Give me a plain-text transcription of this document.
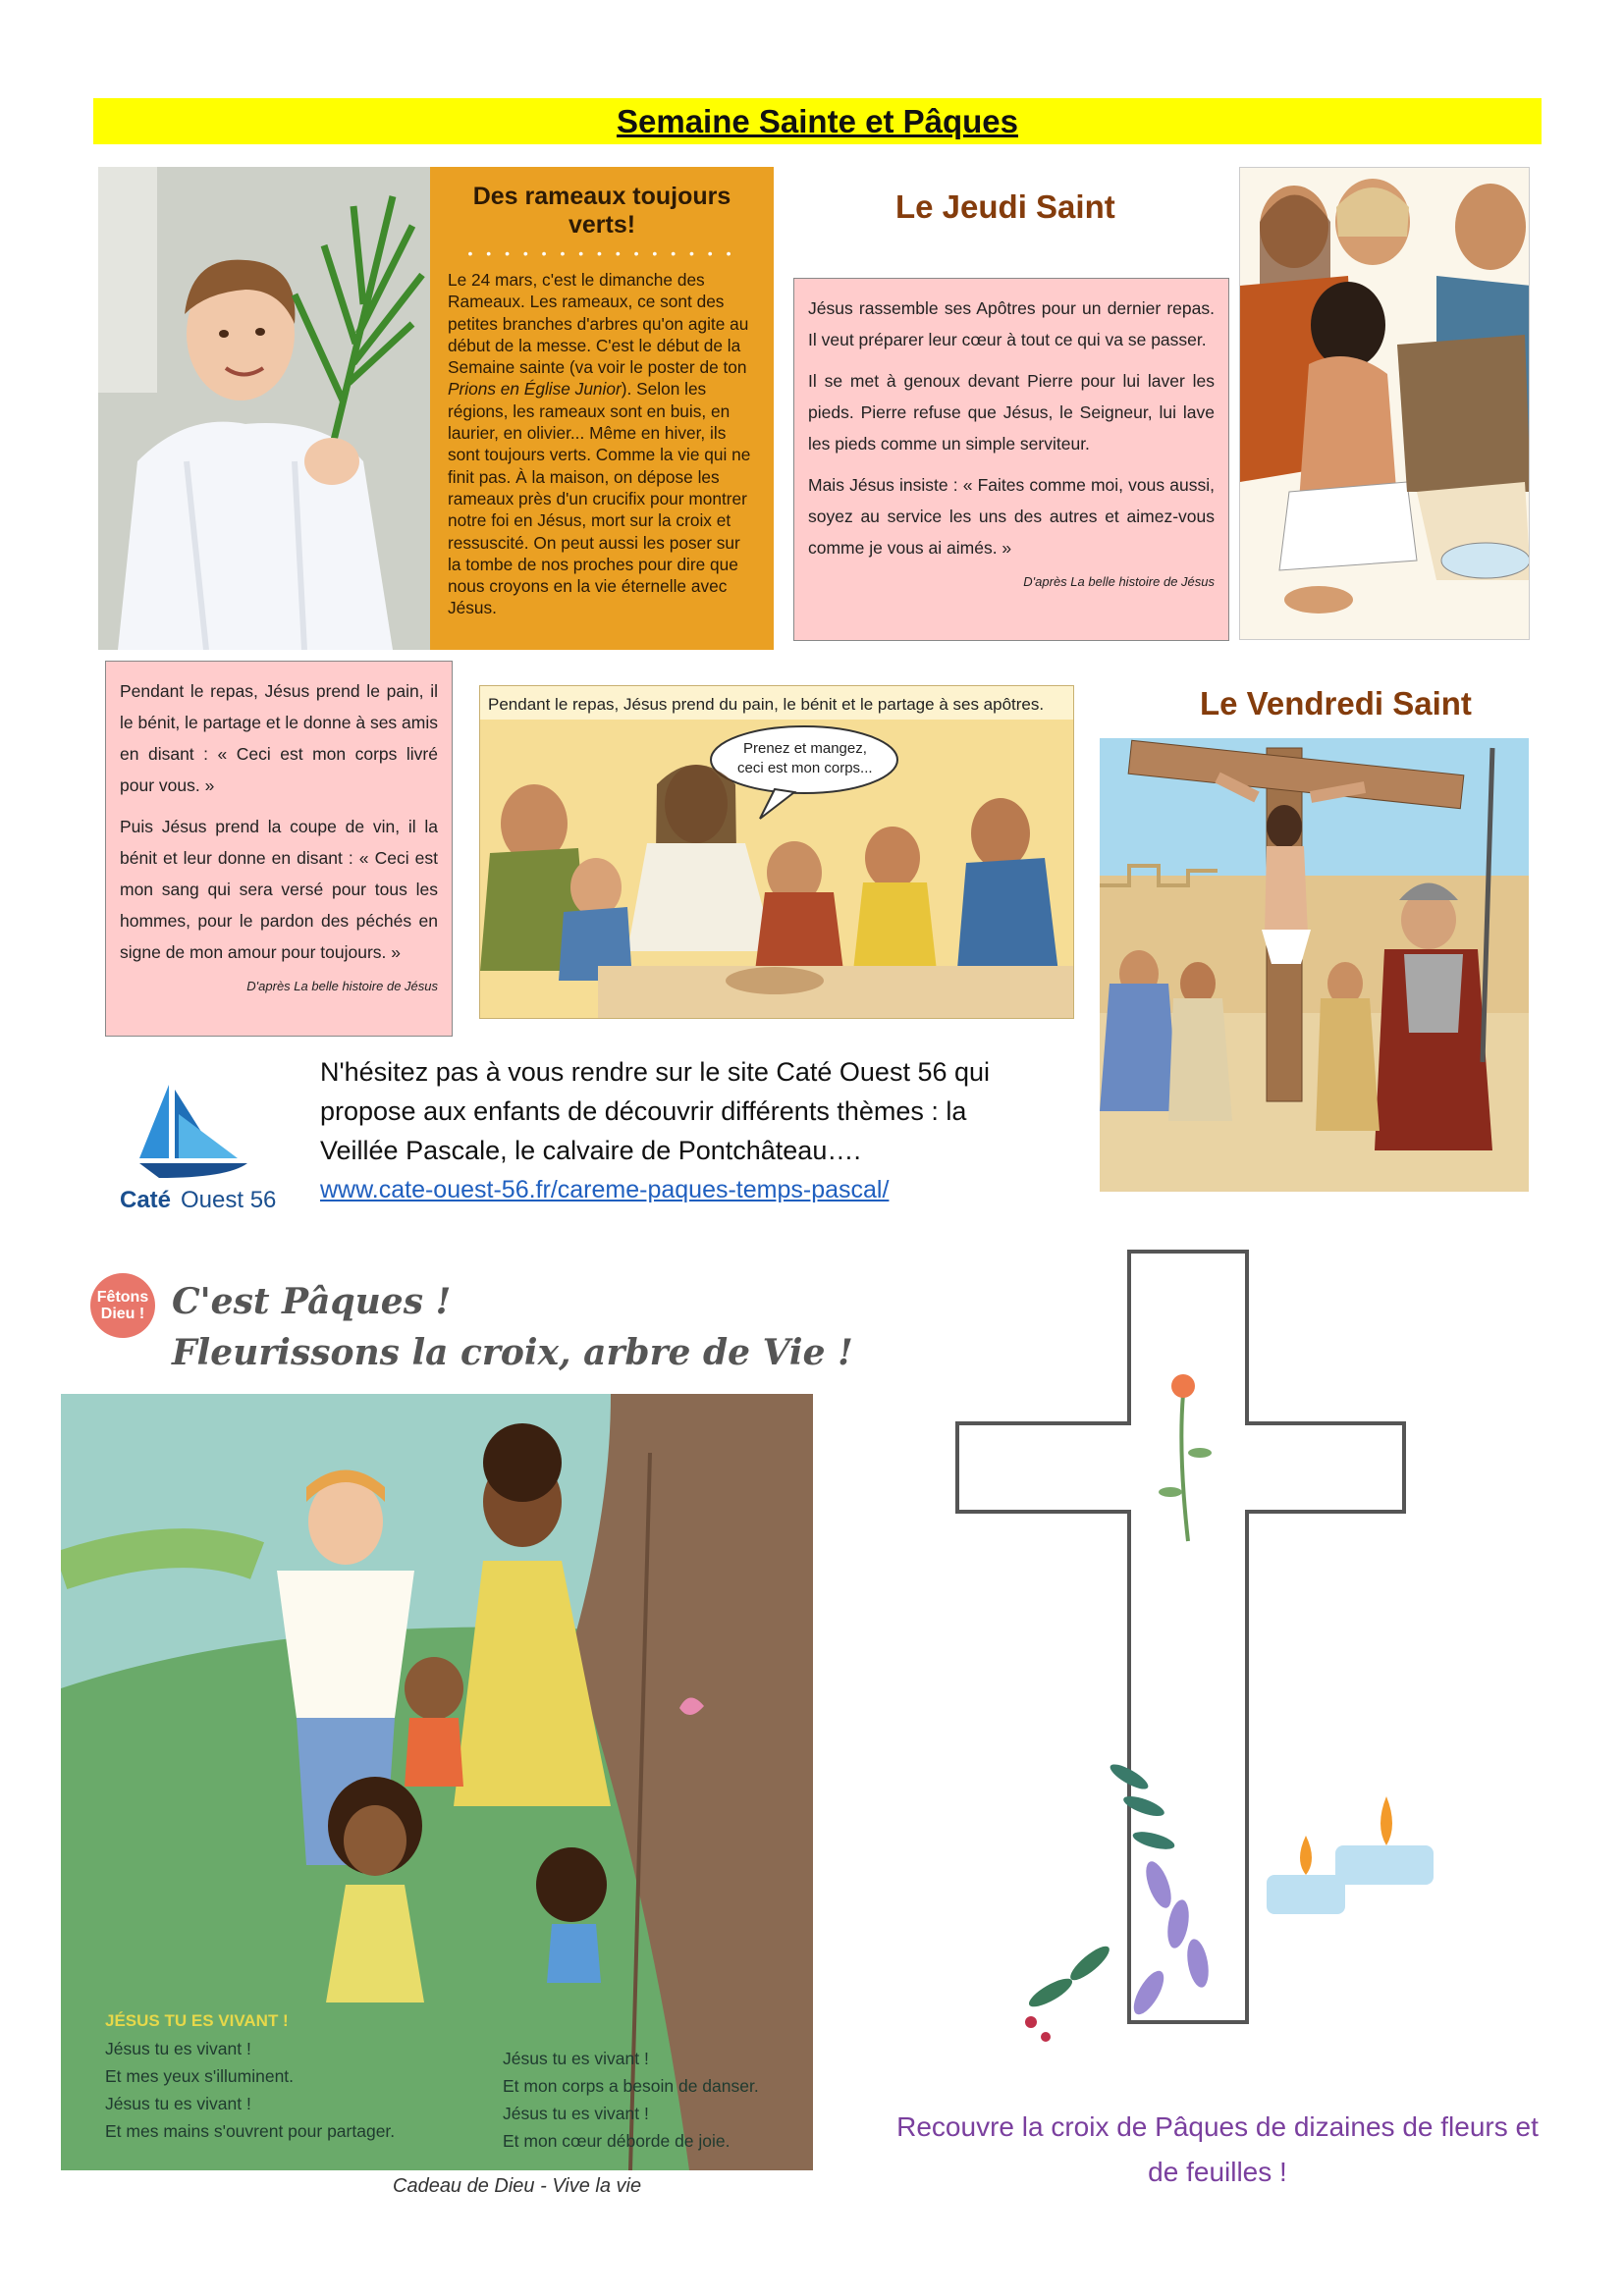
Semaine Sainte et Pâques
Des rameaux toujours verts!
• • • • • • • • • • • • • • •

Le 24 mars, c'est le dimanche des Rameaux. Les rameaux, ce sont des petites branches d'arbres qu'on agite au début de la messe. C'est le début de la Semaine sainte (va voir le poster de ton Prions en Église Junior). Selon les régions, les rameaux sont en buis, en laurier, en olivier... Même en hiver, ils sont toujours verts. Comme la vie qui ne finit pas. À la maison, on dépose les rameaux près d'un crucifix pour montrer notre foi en Jésus, mort sur la croix et ressuscité. On peut aussi les poser sur la tombe de nos proches pour dire que nous croyons en la vie éternelle avec Jésus.

Le Jeudi Saint

Jésus rassemble ses Apôtres pour un dernier repas. Il veut préparer leur cœur à tout ce qui va se passer.

Il se met à genoux devant Pierre pour lui laver les pieds. Pierre refuse que Jésus, le Seigneur, lui lave les pieds comme un simple serviteur.

Mais Jésus insiste : « Faites comme moi, vous aussi, soyez au service les uns des autres et aimez-vous comme je vous ai aimés. »

D'après La belle histoire de Jésus

Pendant le repas, Jésus prend le pain, il le bénit, le partage et le donne à ses amis en disant : « Ceci est mon corps livré pour vous. »

Puis Jésus prend la coupe de vin, il la bénit et leur donne en disant : « Ceci est mon sang qui sera versé pour tous les hommes, pour le pardon des péchés en signe de mon amour pour toujours. »

D'après La belle histoire de Jésus

Pendant le repas, Jésus prend du pain, le bénit et le partage à ses apôtres.
Prenez et mangez,
ceci est mon corps...
Le Vendredi Saint
Caté Ouest 56
N'hésitez pas à vous rendre sur le site Caté Ouest 56 qui propose aux enfants de découvrir différents thèmes : la Veillée Pascale, le calvaire de Pontchâteau….
www.cate-ouest-56.fr/careme-paques-temps-pascal/
Fêtons
Dieu ! C'est Pâques !
Fleurissons la croix, arbre de Vie !
JÉSUS TU ES VIVANT !
Jésus tu es vivant !
Et mes yeux s'illuminent.
Jésus tu es vivant !
Et mes mains s'ouvrent pour partager.
Jésus tu es vivant !
Et mon corps a besoin de danser.
Jésus tu es vivant !
Et mon cœur déborde de joie.
Cadeau de Dieu - Vive la vie
Recouvre la croix de Pâques de dizaines de fleurs et de feuilles !
